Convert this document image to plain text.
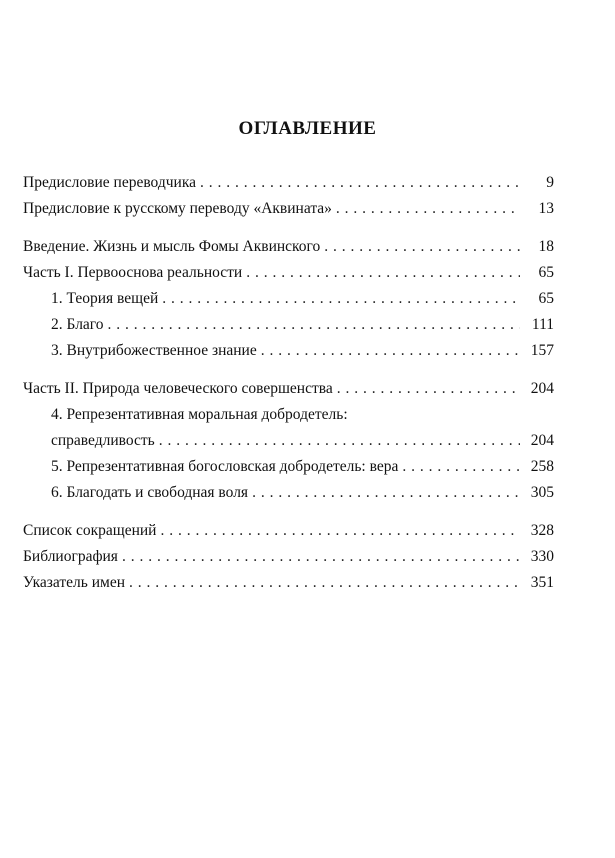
ОГЛАВЛЕНИЕ
Предисловие переводчика . . .	9
Предисловие к русскому переводу «Аквината» . . .	13
Введение. Жизнь и мысль Фомы Аквинского . . .	18
Часть I. Первооснова реальности . . .	65
1. Теория вещей . . .	65
2. Благо . . .	111
3. Внутрибожественное знание . . .	157
Часть II. Природа человеческого совершенства . . .	204
4. Репрезентативная моральная добродетель:
справедливость . . .	204
5. Репрезентативная богословская добродетель: вера . . .	258
6. Благодать и свободная воля . . .	305
Список сокращений . . .	328
Библиография . . .	330
Указатель имен . . .	351
